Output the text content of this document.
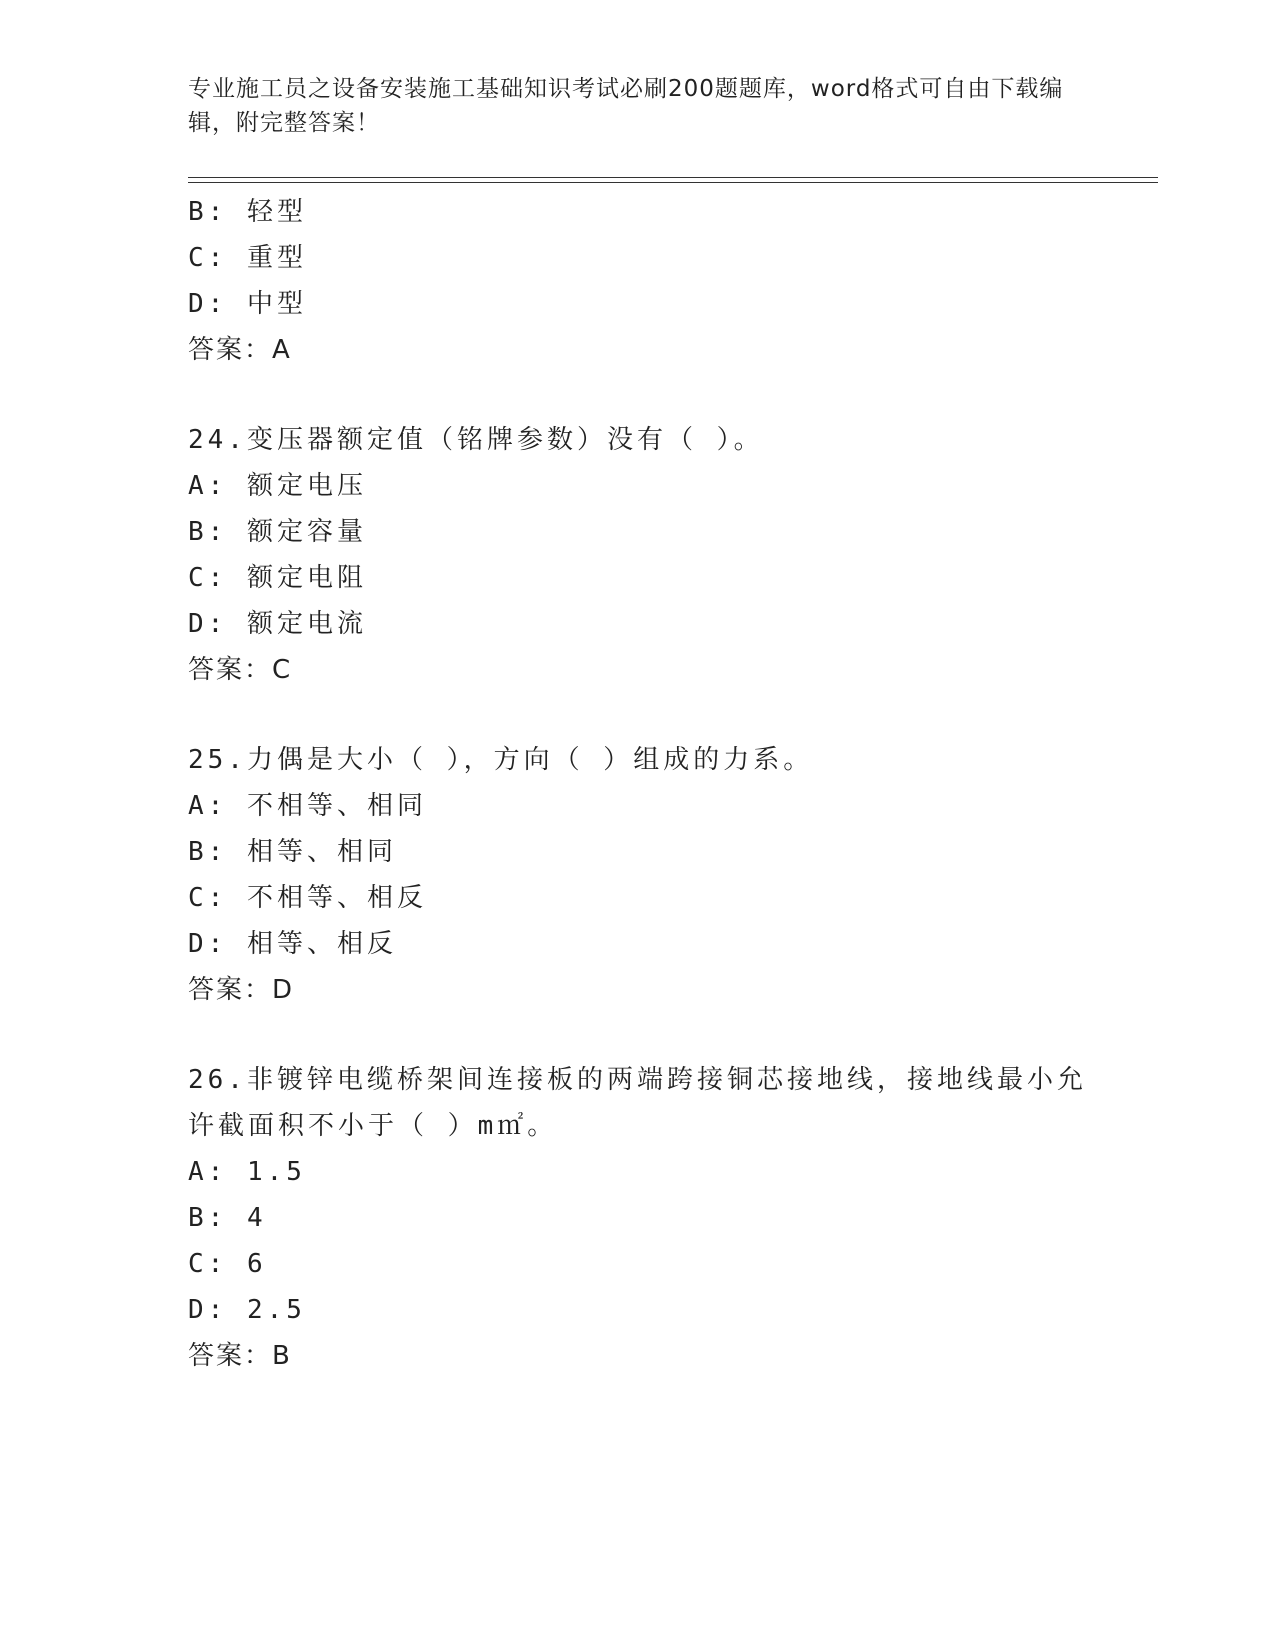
专业施工员之设备安装施工基础知识考试必刷200题题库，word格式可自由下载编辑，附完整答案！
B: 轻型
C: 重型
D: 中型
答案：A
24.变压器额定值（铭牌参数）没有（ ）。
A: 额定电压
B: 额定容量
C: 额定电阻
D: 额定电流
答案：C
25.力偶是大小（ ），方向（ ）组成的力系。
A: 不相等、相同
B: 相等、相同
C: 不相等、相反
D: 相等、相反
答案：D
26.非镀锌电缆桥架间连接板的两端跨接铜芯接地线，接地线最小允许截面积不小于（ ）m㎡。
A: 1.5
B: 4
C: 6
D: 2.5
答案：B
